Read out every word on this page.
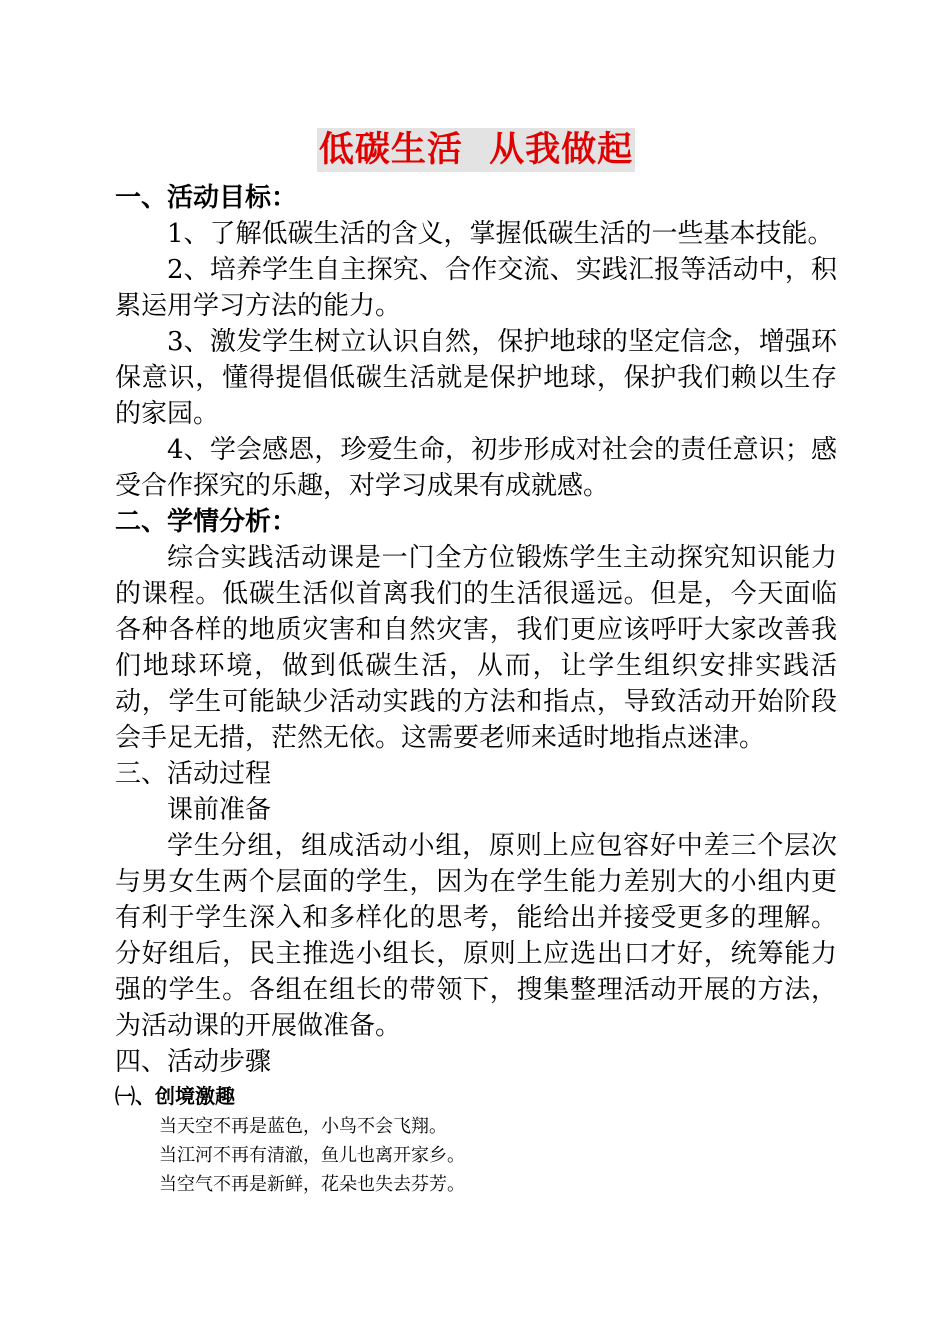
低碳生活  从我做起
一、活动目标：
1、了解低碳生活的含义，掌握低碳生活的一些基本技能。
2、培养学生自主探究、合作交流、实践汇报等活动中，积累运用学习方法的能力。
3、激发学生树立认识自然，保护地球的坚定信念，增强环保意识，懂得提倡低碳生活就是保护地球，保护我们赖以生存的家园。
4、学会感恩，珍爱生命，初步形成对社会的责任意识；感受合作探究的乐趣，对学习成果有成就感。
二、学情分析：
综合实践活动课是一门全方位锻炼学生主动探究知识能力的课程。低碳生活似首离我们的生活很遥远。但是，今天面临各种各样的地质灾害和自然灾害，我们更应该呼吁大家改善我们地球环境，做到低碳生活，从而，让学生组织安排实践活动，学生可能缺少活动实践的方法和指点，导致活动开始阶段会手足无措，茫然无依。这需要老师来适时地指点迷津。
三、活动过程
课前准备
学生分组，组成活动小组，原则上应包容好中差三个层次与男女生两个层面的学生，因为在学生能力差别大的小组内更有利于学生深入和多样化的思考，能给出并接受更多的理解。分好组后，民主推选小组长，原则上应选出口才好，统筹能力强的学生。各组在组长的带领下，搜集整理活动开展的方法，为活动课的开展做准备。
四、活动步骤
㈠、创境激趣
当天空不再是蓝色，小鸟不会飞翔。
当江河不再有清澈，鱼儿也离开家乡。
当空气不再是新鲜，花朵也失去芬芳。
